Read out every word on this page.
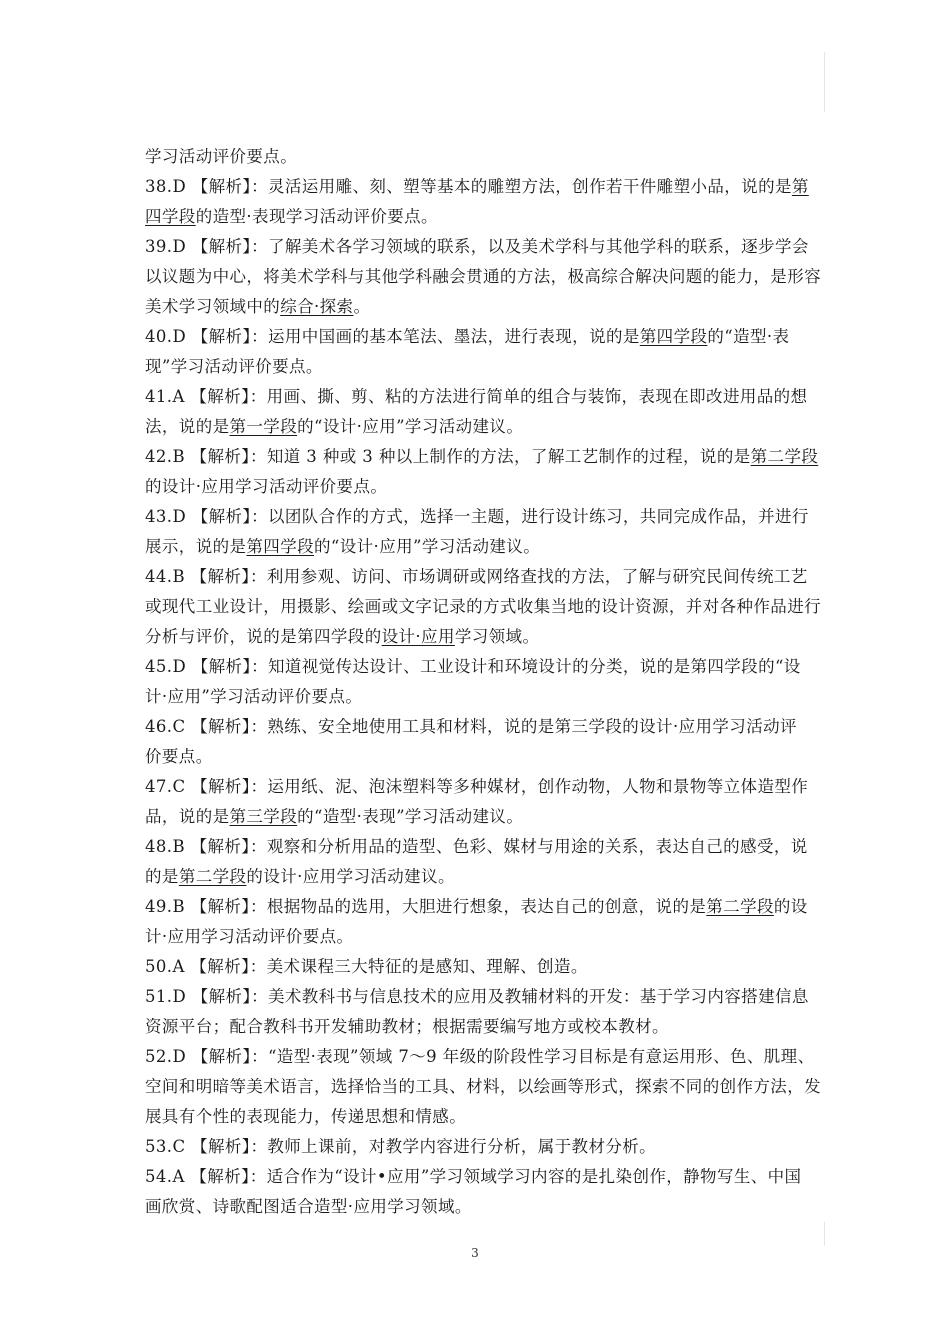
学习活动评价要点。
38.D 【解析】：灵活运用雕、刻、塑等基本的雕塑方法，创作若干件雕塑小品，说的是第
四学段的造型·表现学习活动评价要点。
39.D 【解析】：了解美术各学习领域的联系，以及美术学科与其他学科的联系，逐步学会
以议题为中心，将美术学科与其他学科融会贯通的方法，极高综合解决问题的能力，是形容
美术学习领域中的综合·探索。
40.D 【解析】：运用中国画的基本笔法、墨法，进行表现，说的是第四学段的“造型·表
现”学习活动评价要点。
41.A 【解析】：用画、撕、剪、粘的方法进行简单的组合与装饰，表现在即改进用品的想
法，说的是第一学段的“设计·应用”学习活动建议。
42.B 【解析】：知道 3 种或 3 种以上制作的方法，了解工艺制作的过程，说的是第二学段
的设计·应用学习活动评价要点。
43.D 【解析】：以团队合作的方式，选择一主题，进行设计练习，共同完成作品，并进行
展示，说的是第四学段的“设计·应用”学习活动建议。
44.B 【解析】：利用参观、访问、市场调研或网络查找的方法，了解与研究民间传统工艺
或现代工业设计，用摄影、绘画或文字记录的方式收集当地的设计资源，并对各种作品进行
分析与评价，说的是第四学段的设计·应用学习领域。
45.D 【解析】：知道视觉传达设计、工业设计和环境设计的分类，说的是第四学段的“设
计·应用”学习活动评价要点。
46.C 【解析】：熟练、安全地使用工具和材料，说的是第三学段的设计·应用学习活动评
价要点。
47.C 【解析】：运用纸、泥、泡沫塑料等多种媒材，创作动物，人物和景物等立体造型作
品，说的是第三学段的“造型·表现”学习活动建议。
48.B 【解析】：观察和分析用品的造型、色彩、媒材与用途的关系，表达自己的感受，说
的是第二学段的设计·应用学习活动建议。
49.B 【解析】：根据物品的选用，大胆进行想象，表达自己的创意，说的是第二学段的设
计·应用学习活动评价要点。
50.A 【解析】：美术课程三大特征的是感知、理解、创造。
51.D 【解析】：美术教科书与信息技术的应用及教辅材料的开发：基于学习内容搭建信息
资源平台；配合教科书开发辅助教材；根据需要编写地方或校本教材。
52.D 【解析】：“造型·表现”领域 7～9 年级的阶段性学习目标是有意运用形、色、肌理、
空间和明暗等美术语言，选择恰当的工具、材料，以绘画等形式，探索不同的创作方法，发
展具有个性的表现能力，传递思想和情感。
53.C 【解析】：教师上课前，对教学内容进行分析，属于教材分析。
54.A 【解析】：适合作为“设计•应用”学习领域学习内容的是扎染创作，静物写生、中国
画欣赏、诗歌配图适合造型·应用学习领域。
3
